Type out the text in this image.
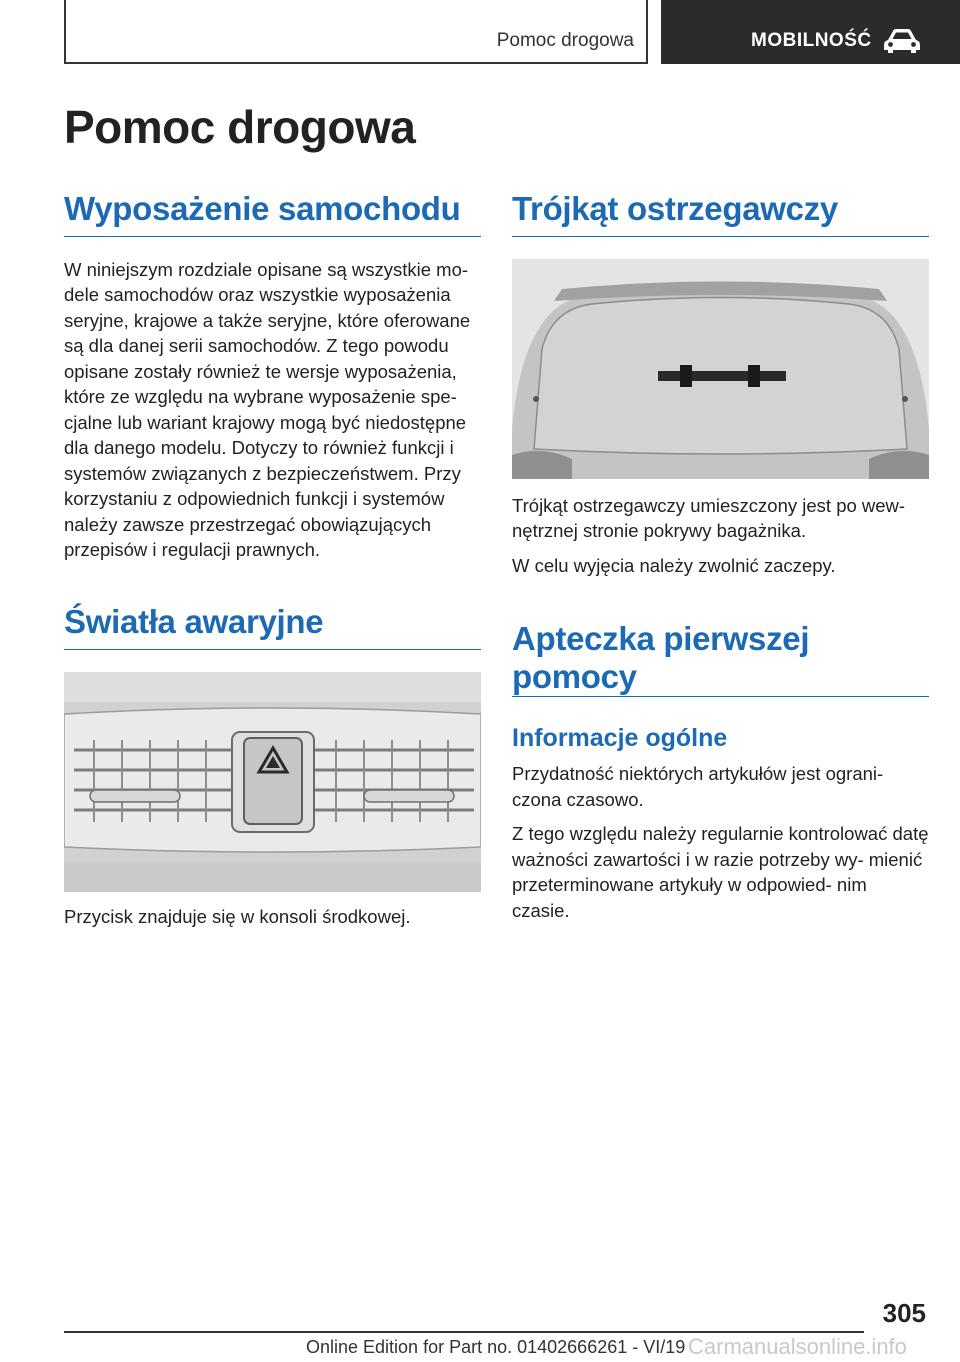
Pomoc drogowa	MOBILNOŚĆ
Pomoc drogowa
Wyposażenie samochodu

W niniejszym rozdziale opisane są wszystkie mo- dele samochodów oraz wszystkie wyposażenia seryjne, krajowe a także seryjne, które oferowane są dla danej serii samochodów. Z tego powodu opisane zostały również te wersje wyposażenia, które ze względu na wybrane wyposażenie spe- cjalne lub wariant krajowy mogą być niedostępne dla danego modelu. Dotyczy to również funkcji i systemów związanych z bezpieczeństwem. Przy korzystaniu z odpowiednich funkcji i systemów należy zawsze przestrzegać obowiązujących przepisów i regulacji prawnych.

Światła awaryjne

Przycisk znajduje się w konsoli środkowej.

Trójkąt ostrzegawczy

Trójkąt ostrzegawczy umieszczony jest po wew- nętrznej stronie pokrywy bagażnika.

W celu wyjęcia należy zwolnić zaczepy.

Apteczka pierwszej pomocy
Informacje ogólne

Przydatność niektórych artykułów jest ograni- czona czasowo.

Z tego względu należy regularnie kontrolować datę ważności zawartości i w razie potrzeby wy- mienić przeterminowane artykuły w odpowied- nim czasie.

305
Online Edition for Part no. 01402666261 - VI/19 Carmanualsonline.info
